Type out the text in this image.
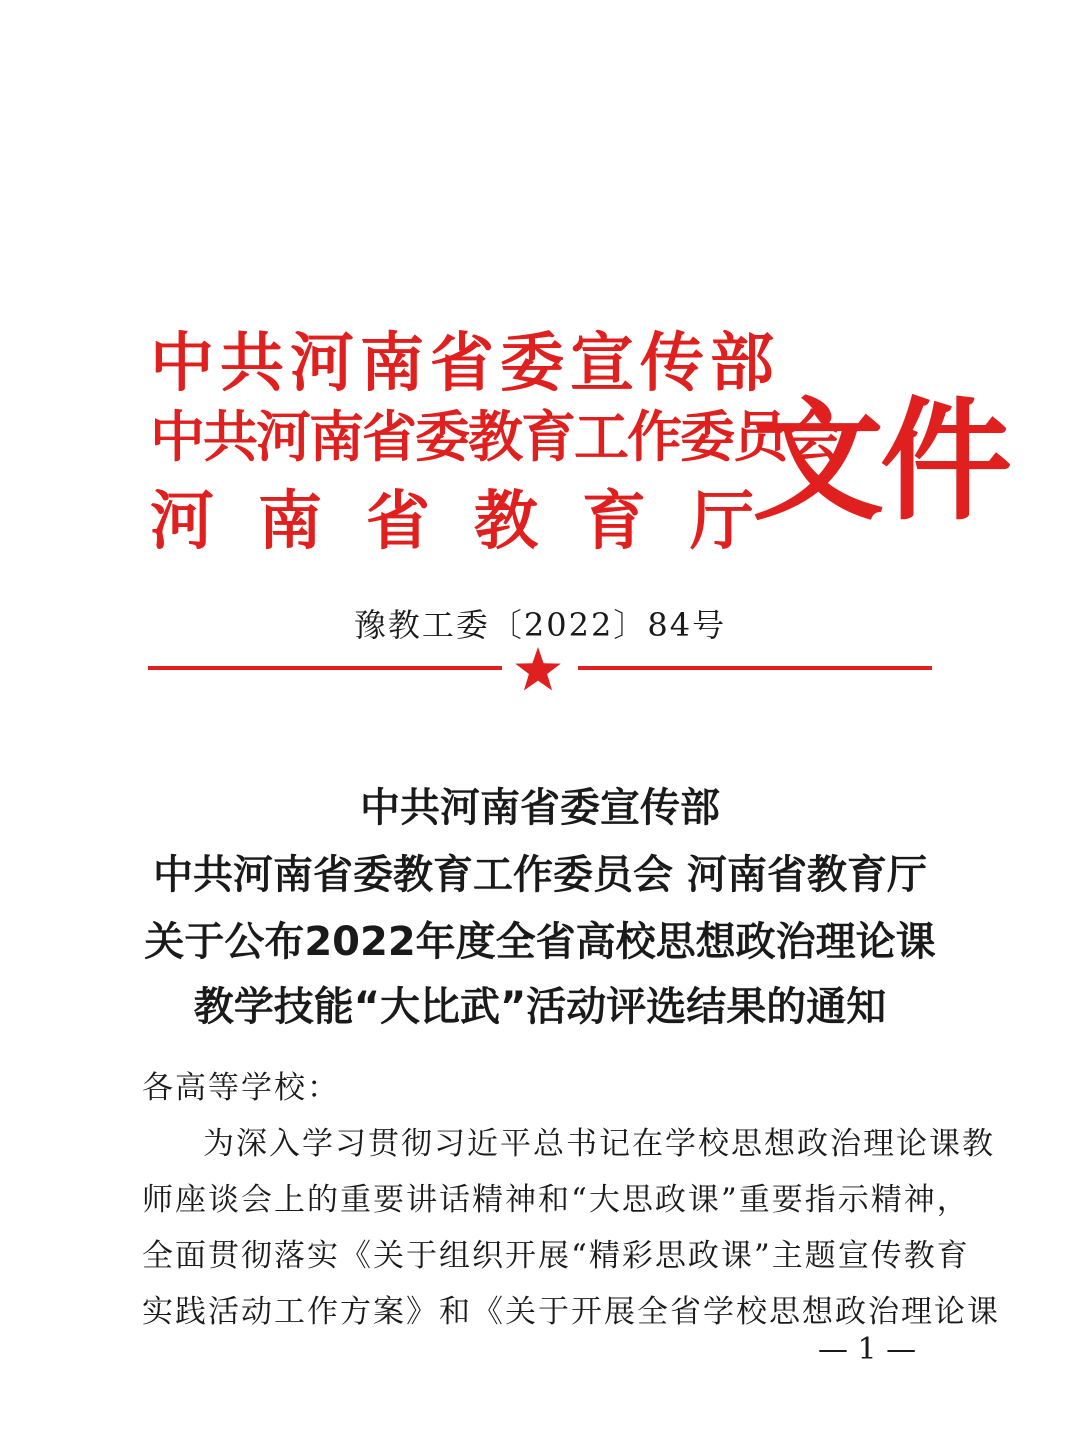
中共河南省委宣传部
中共河南省委教育工作委员会
河南省教育厅
文件
豫教工委〔2022〕84号
中共河南省委宣传部
中共河南省委教育工作委员会 河南省教育厅
关于公布2022年度全省高校思想政治理论课
教学技能“大比武”活动评选结果的通知
各高等学校：
为深入学习贯彻习近平总书记在学校思想政治理论课教
师座谈会上的重要讲话精神和“大思政课”重要指示精神，
全面贯彻落实《关于组织开展“精彩思政课”主题宣传教育
实践活动工作方案》和《关于开展全省学校思想政治理论课
— 1 —
